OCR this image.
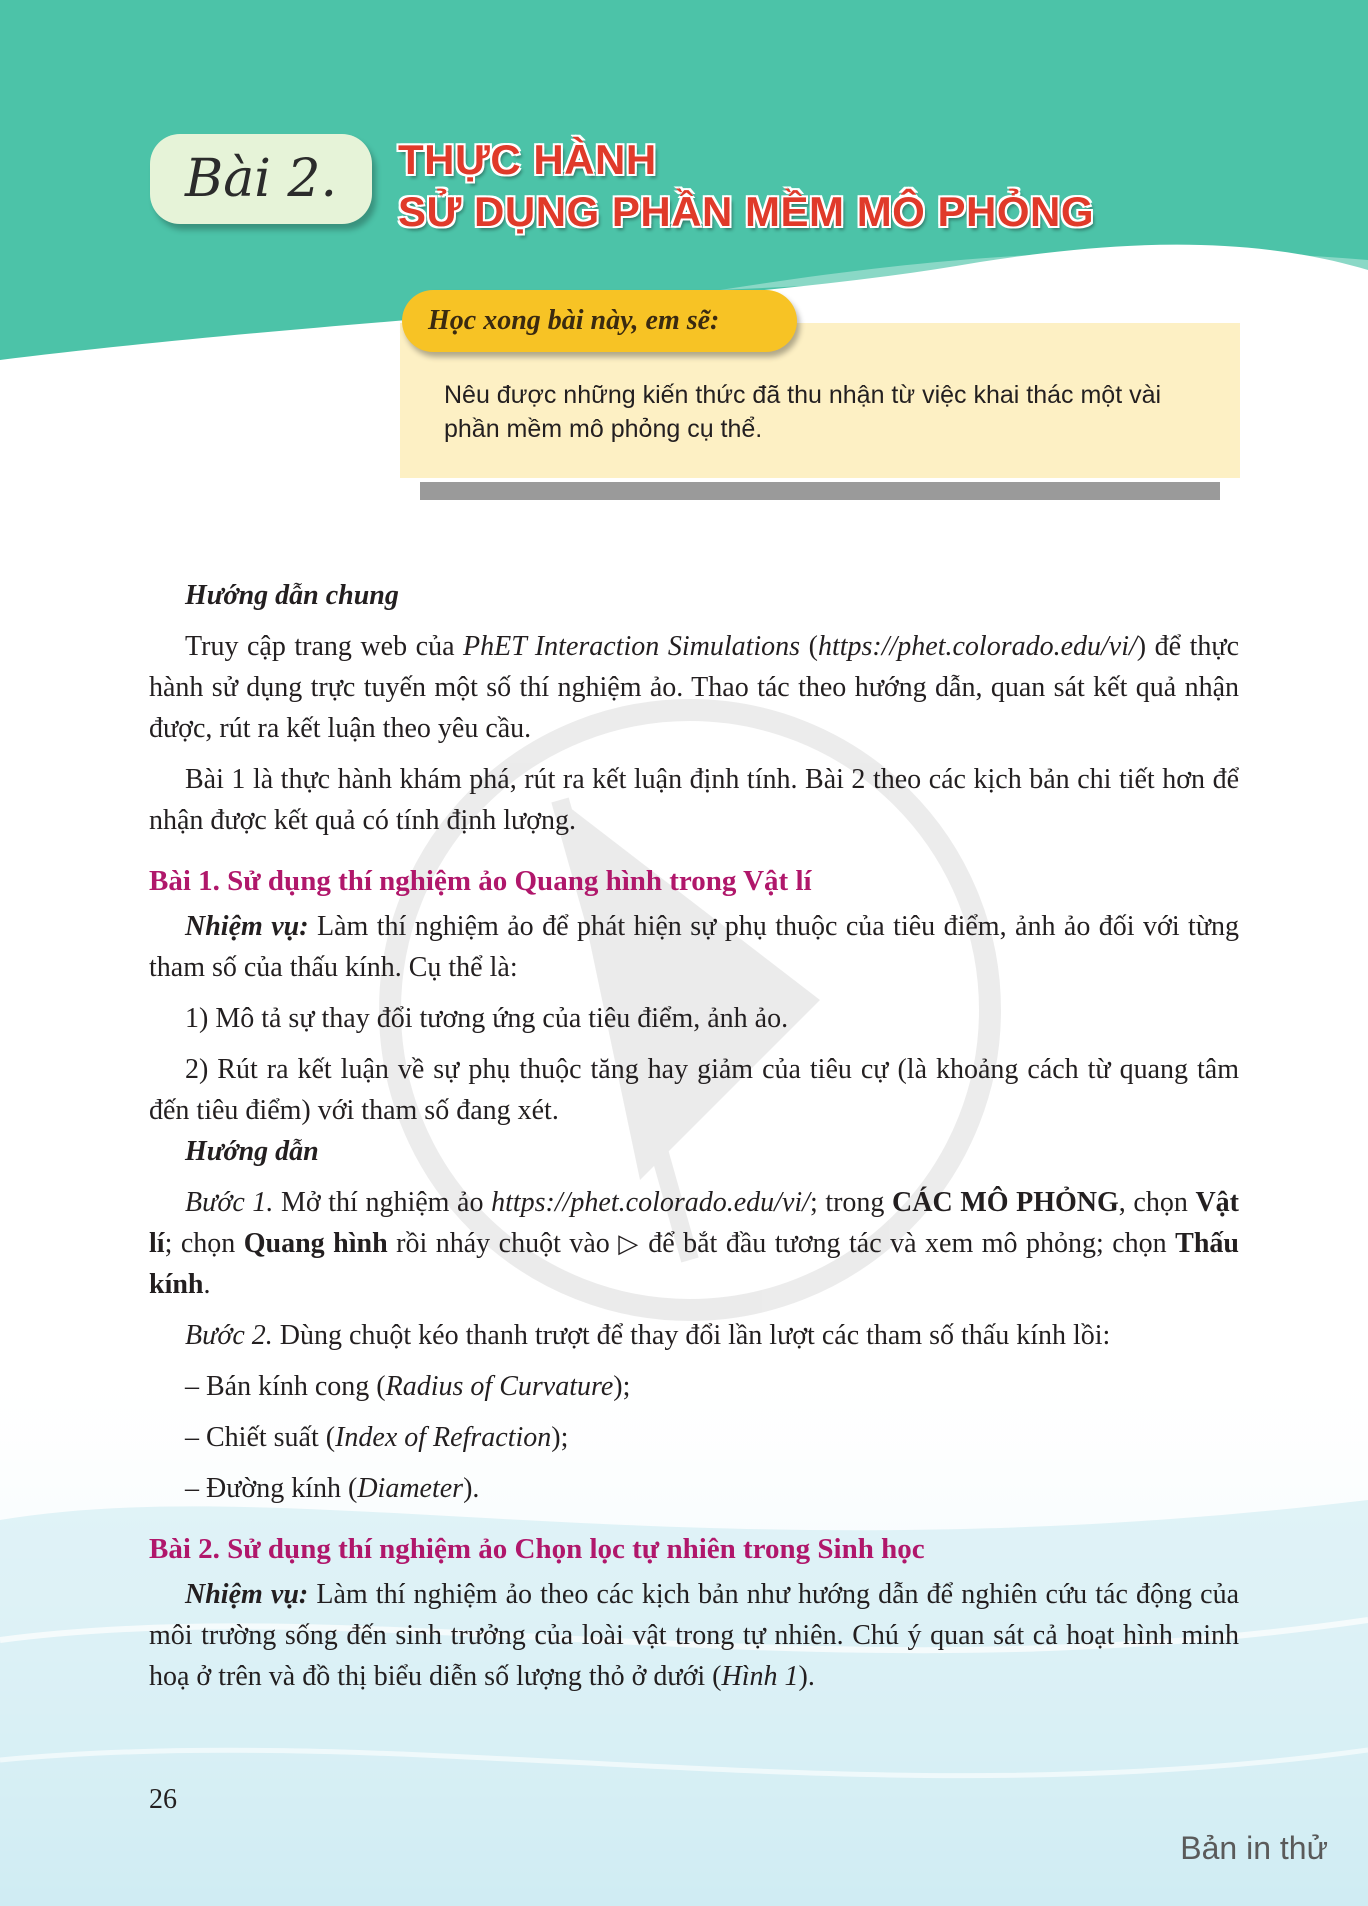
Bài 2.	THỰC HÀNH
SỬ DỤNG PHẦN MỀM MÔ PHỎNG
Học xong bài này, em sẽ:
Nêu được những kiến thức đã thu nhận từ việc khai thác một vài phần mềm mô phỏng cụ thể.

Hướng dẫn chung

Truy cập trang web của PhET Interaction Simulations (https://phet.colorado.edu/vi/) để thực hành sử dụng trực tuyến một số thí nghiệm ảo. Thao tác theo hướng dẫn, quan sát kết quả nhận được, rút ra kết luận theo yêu cầu.

Bài 1 là thực hành khám phá, rút ra kết luận định tính. Bài 2 theo các kịch bản chi tiết hơn để nhận được kết quả có tính định lượng.

Bài 1. Sử dụng thí nghiệm ảo Quang hình trong Vật lí

Nhiệm vụ: Làm thí nghiệm ảo để phát hiện sự phụ thuộc của tiêu điểm, ảnh ảo đối với từng tham số của thấu kính. Cụ thể là:

1) Mô tả sự thay đổi tương ứng của tiêu điểm, ảnh ảo.

2) Rút ra kết luận về sự phụ thuộc tăng hay giảm của tiêu cự (là khoảng cách từ quang tâm đến tiêu điểm) với tham số đang xét.

Hướng dẫn

Bước 1. Mở thí nghiệm ảo https://phet.colorado.edu/vi/; trong CÁC MÔ PHỎNG, chọn Vật lí; chọn Quang hình rồi nháy chuột vào ▷ để bắt đầu tương tác và xem mô phỏng; chọn Thấu kính.

Bước 2. Dùng chuột kéo thanh trượt để thay đổi lần lượt các tham số thấu kính lồi:

– Bán kính cong (Radius of Curvature);

– Chiết suất (Index of Refraction);

– Đường kính (Diameter).

Bài 2. Sử dụng thí nghiệm ảo Chọn lọc tự nhiên trong Sinh học

Nhiệm vụ: Làm thí nghiệm ảo theo các kịch bản như hướng dẫn để nghiên cứu tác động của môi trường sống đến sinh trưởng của loài vật trong tự nhiên. Chú ý quan sát cả hoạt hình minh hoạ ở trên và đồ thị biểu diễn số lượng thỏ ở dưới (Hình 1).

26
Bản in thử
